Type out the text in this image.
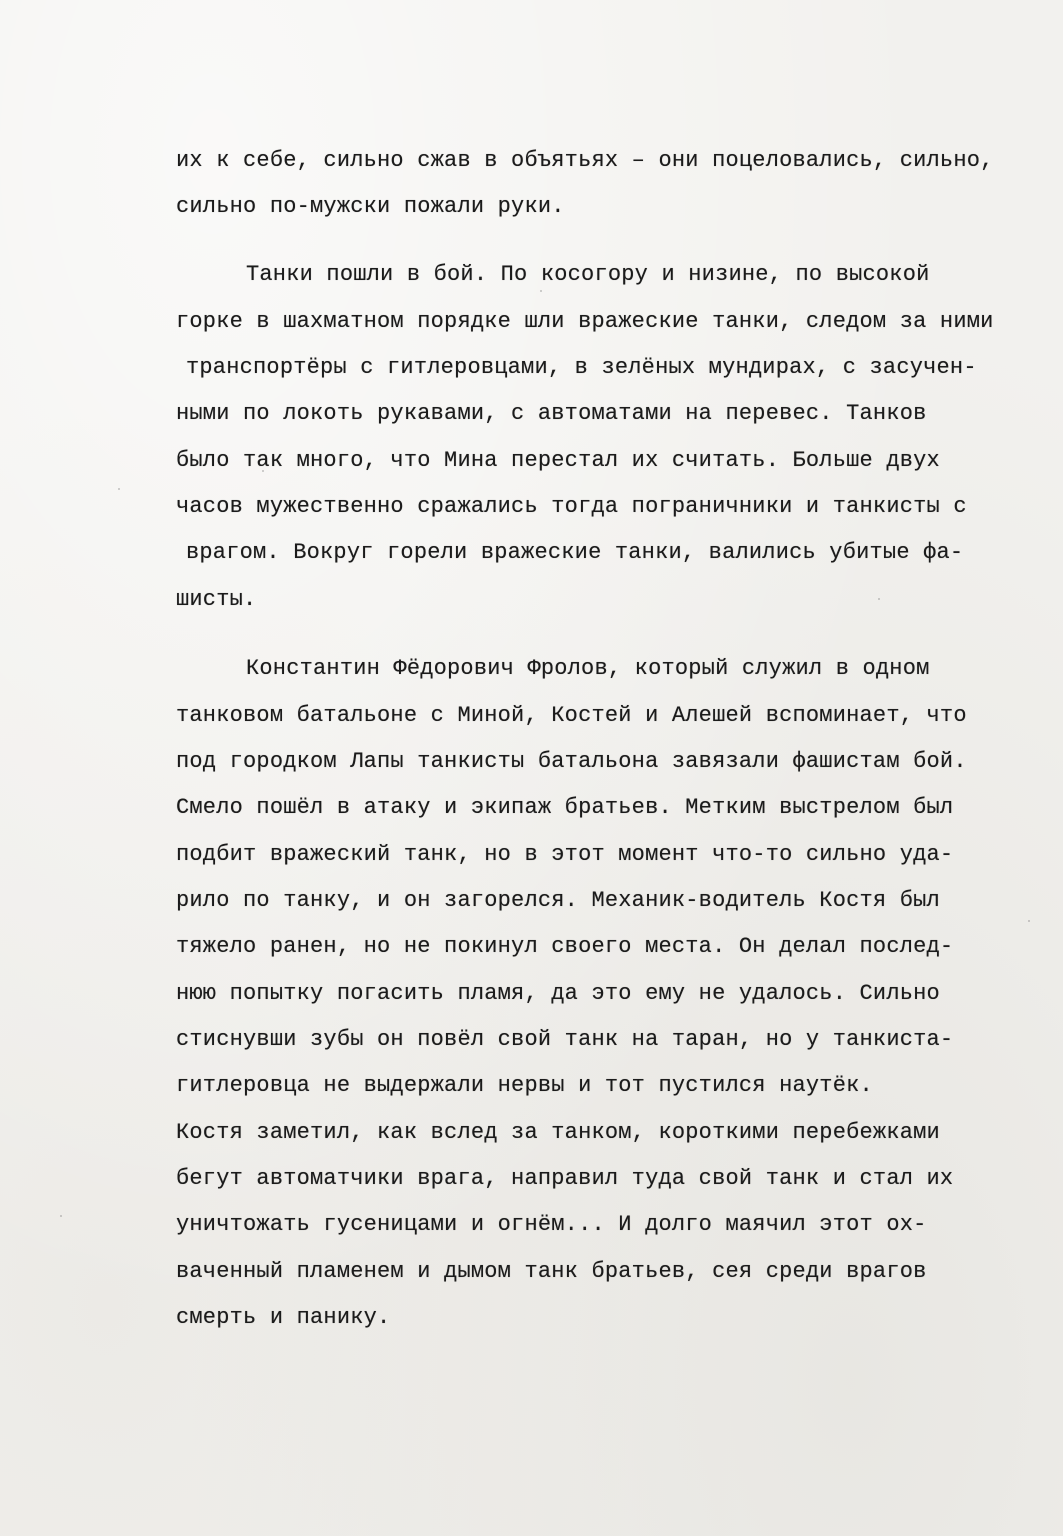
их к себе, сильно сжав в объятьях – они поцеловались, сильно,
сильно по-мужски пожали руки.
Танки пошли в бой. По косогору и низине, по высокой
горке в шахматном порядке шли вражеские танки, следом за ними
транспортёры с гитлеровцами, в зелёных мундирах, с засучен-
ными по локоть рукавами, с автоматами на перевес. Танков
было так много, что Мина перестал их считать. Больше двух
часов мужественно сражались тогда пограничники и танкисты с
врагом. Вокруг горели вражеские танки, валились убитые фа-
шисты.
Константин Фёдорович Фролов, который служил в одном
танковом батальоне с Миной, Костей и Алешей вспоминает, что
под городком Лапы танкисты батальона завязали фашистам бой.
Смело пошёл в атаку и экипаж братьев. Метким выстрелом был
подбит вражеский танк, но в этот момент что-то сильно уда-
рило по танку, и он загорелся. Механик-водитель Костя был
тяжело ранен, но не покинул своего места. Он делал послед-
нюю попытку погасить пламя, да это ему не удалось. Сильно
стиснувши зубы он повёл свой танк на таран, но у танкиста-
гитлеровца не выдержали нервы и тот пустился наутёк.
Костя заметил, как вслед за танком, короткими перебежками
бегут автоматчики врага, направил туда свой танк и стал их
уничтожать гусеницами и огнём... И долго маячил этот ох-
ваченный пламенем и дымом танк братьев, сея среди врагов
смерть и панику.
